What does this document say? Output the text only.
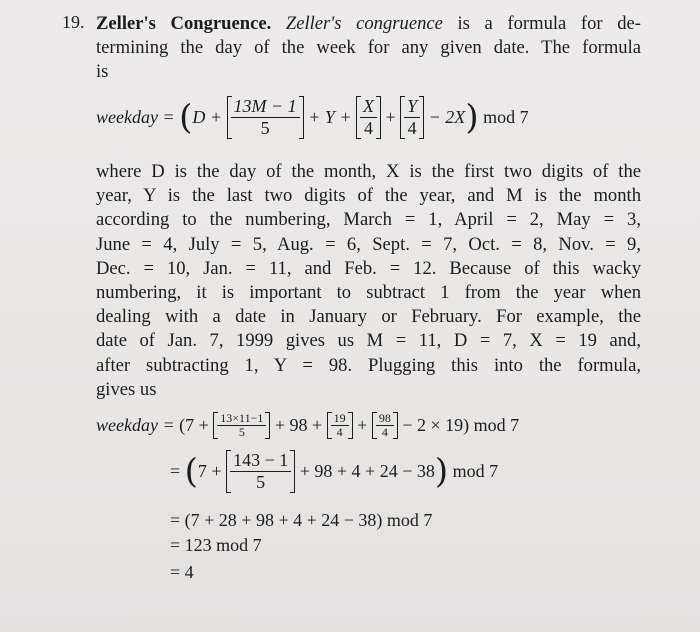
19. Zeller's Congruence. Zeller's congruence is a formula for de-
termining the day of the week for any given date. The formula
is
weekday = $(D + \frac{13M - 1}{5} + Y + \frac{X}{4} + \frac{Y}{4} - 2X)$ mod 7
where D is the day of the month, X is the first two digits of the
year, Y is the last two digits of the year, and M is the month
according to the numbering, March = 1, April = 2, May = 3,
June = 4, July = 5, Aug. = 6, Sept. = 7, Oct. = 8, Nov. = 9,
Dec. = 10, Jan. = 11, and Feb. = 12. Because of this wacky
numbering, it is important to subtract 1 from the year when
dealing with a date in January or February. For example, the
date of Jan. 7, 1999 gives us M = 11, D = 7, X = 19 and,
after subtracting 1, Y = 98. Plugging this into the formula,
gives us
weekday = $(7 + \frac{13\times 11-1}{5} + 98 + \frac{19}{4} + \frac{98}{4} - 2 \times 19)$ mod 7
= $(7 + \frac{143 - 1}{5} + 98 + 4 + 24 - 38)$ mod 7
= (7 + 28 + 98 + 4 + 24 − 38) mod 7
= 123 mod 7
= 4
